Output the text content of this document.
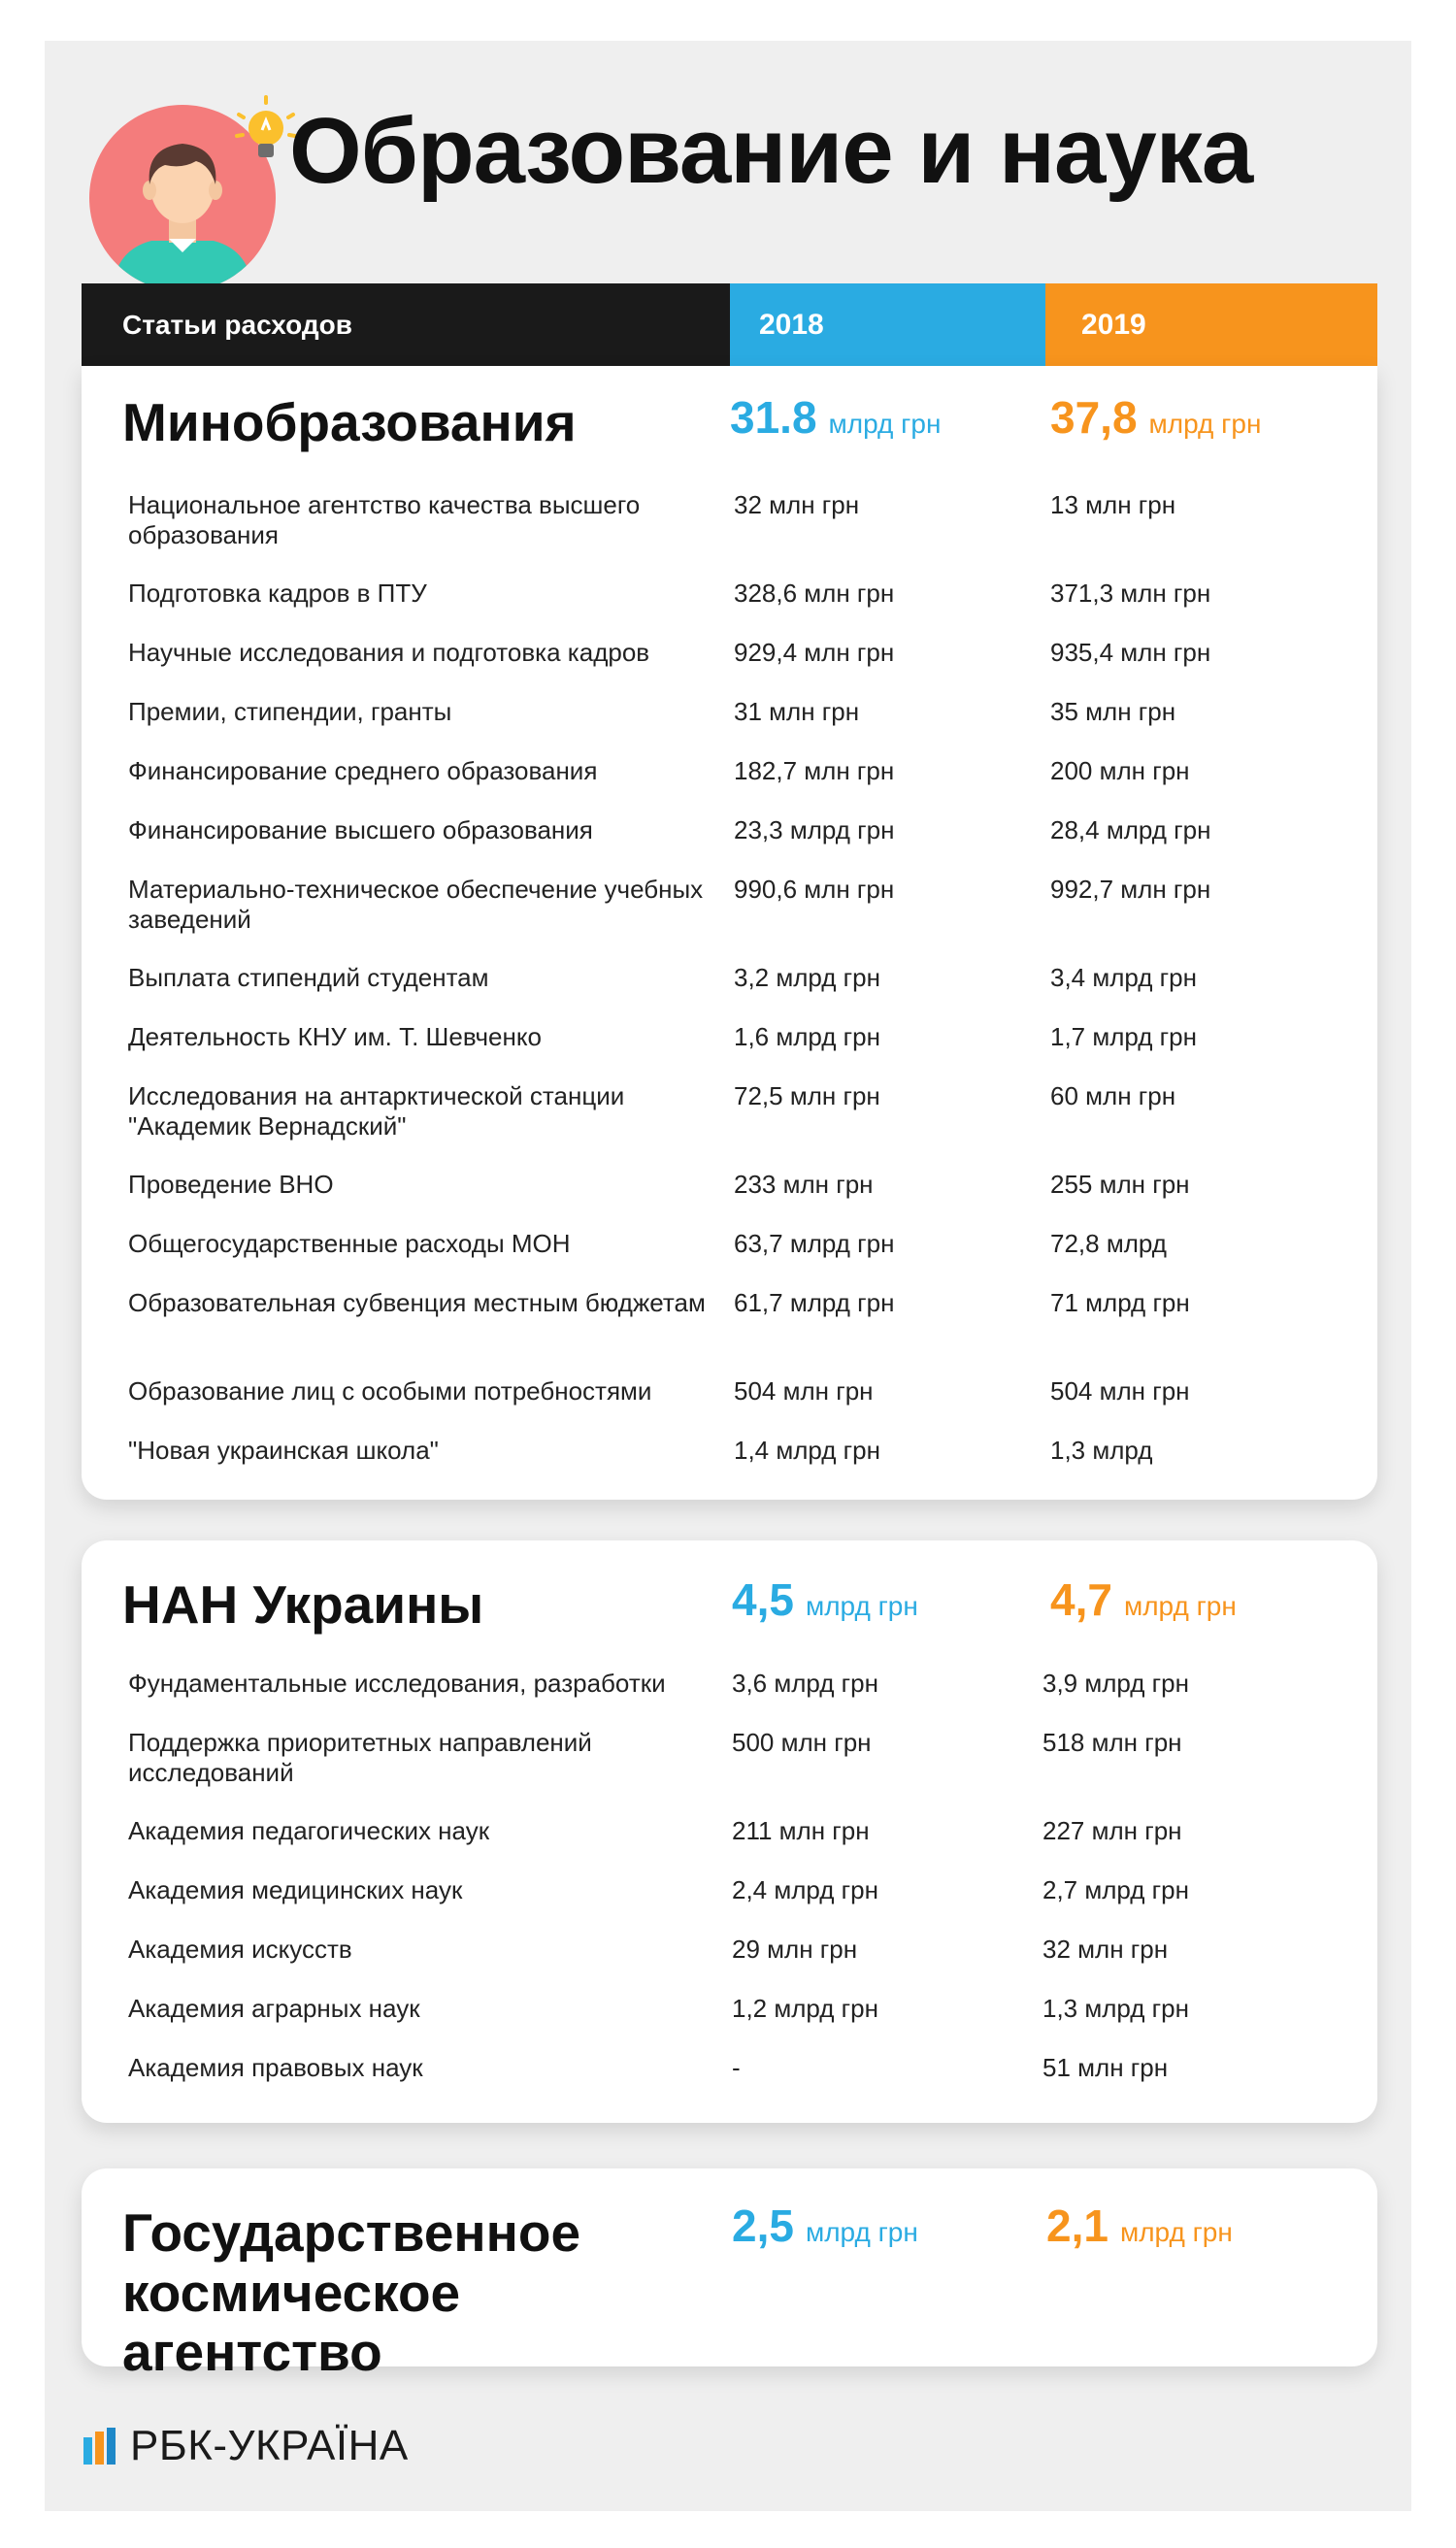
Образование и наука
Статьи расходов	2018	2019
Минобразования	31.8 млрд грн 37,8 млрд грн
Национальное агентство качества высшего образования
32 млн грн	13 млн грн
Подготовка кадров в ПТУ	328,6 млн грн	371,3 млн грн
Научные исследования и подготовка кадров	929,4 млн грн	935,4 млн грн
Премии, стипендии, гранты	31 млн грн	35 млн грн
Финансирование среднего образования	182,7 млн грн	200 млн грн
Финансирование высшего образования	23,3 млрд грн	28,4 млрд грн
Материально-техническое обеспечение учебных заведений
990,6 млн грн	992,7 млн грн
Выплата стипендий студентам	3,2 млрд грн	3,4 млрд грн
Деятельность КНУ им. Т. Шевченко	1,6 млрд грн	1,7 млрд грн
Исследования на антарктической станции "Академик Вернадский"
72,5 млн грн	60 млн грн
Проведение ВНО	233 млн грн	255 млн грн
Общегосударственные расходы МОН	63,7 млрд грн	72,8 млрд
Образовательная субвенция местным бюджетам 61,7 млрд грн	71 млрд грн
Образование лиц с особыми потребностями	504 млн грн	504 млн грн
"Новая украинская школа"	1,4 млрд грн	1,3 млрд
НАН Украины	4,5 млрд грн	4,7 млрд грн
Фундаментальные исследования, разработки	3,6 млрд грн	3,9 млрд грн
Поддержка приоритетных направлений исследований
500 млн грн	518 млн грн
Академия педагогических наук	211 млн грн	227 млн грн
Академия медицинских наук	2,4 млрд грн	2,7 млрд грн
Академия искусств	29 млн грн	32 млн грн
Академия аграрных наук	1,2 млрд грн	1,3 млрд грн
Академия правовых наук	-	51 млн грн
Государственное космическое агентство
2,5 млрд грн	2,1 млрд грн
РБК-УКРАЇНА
